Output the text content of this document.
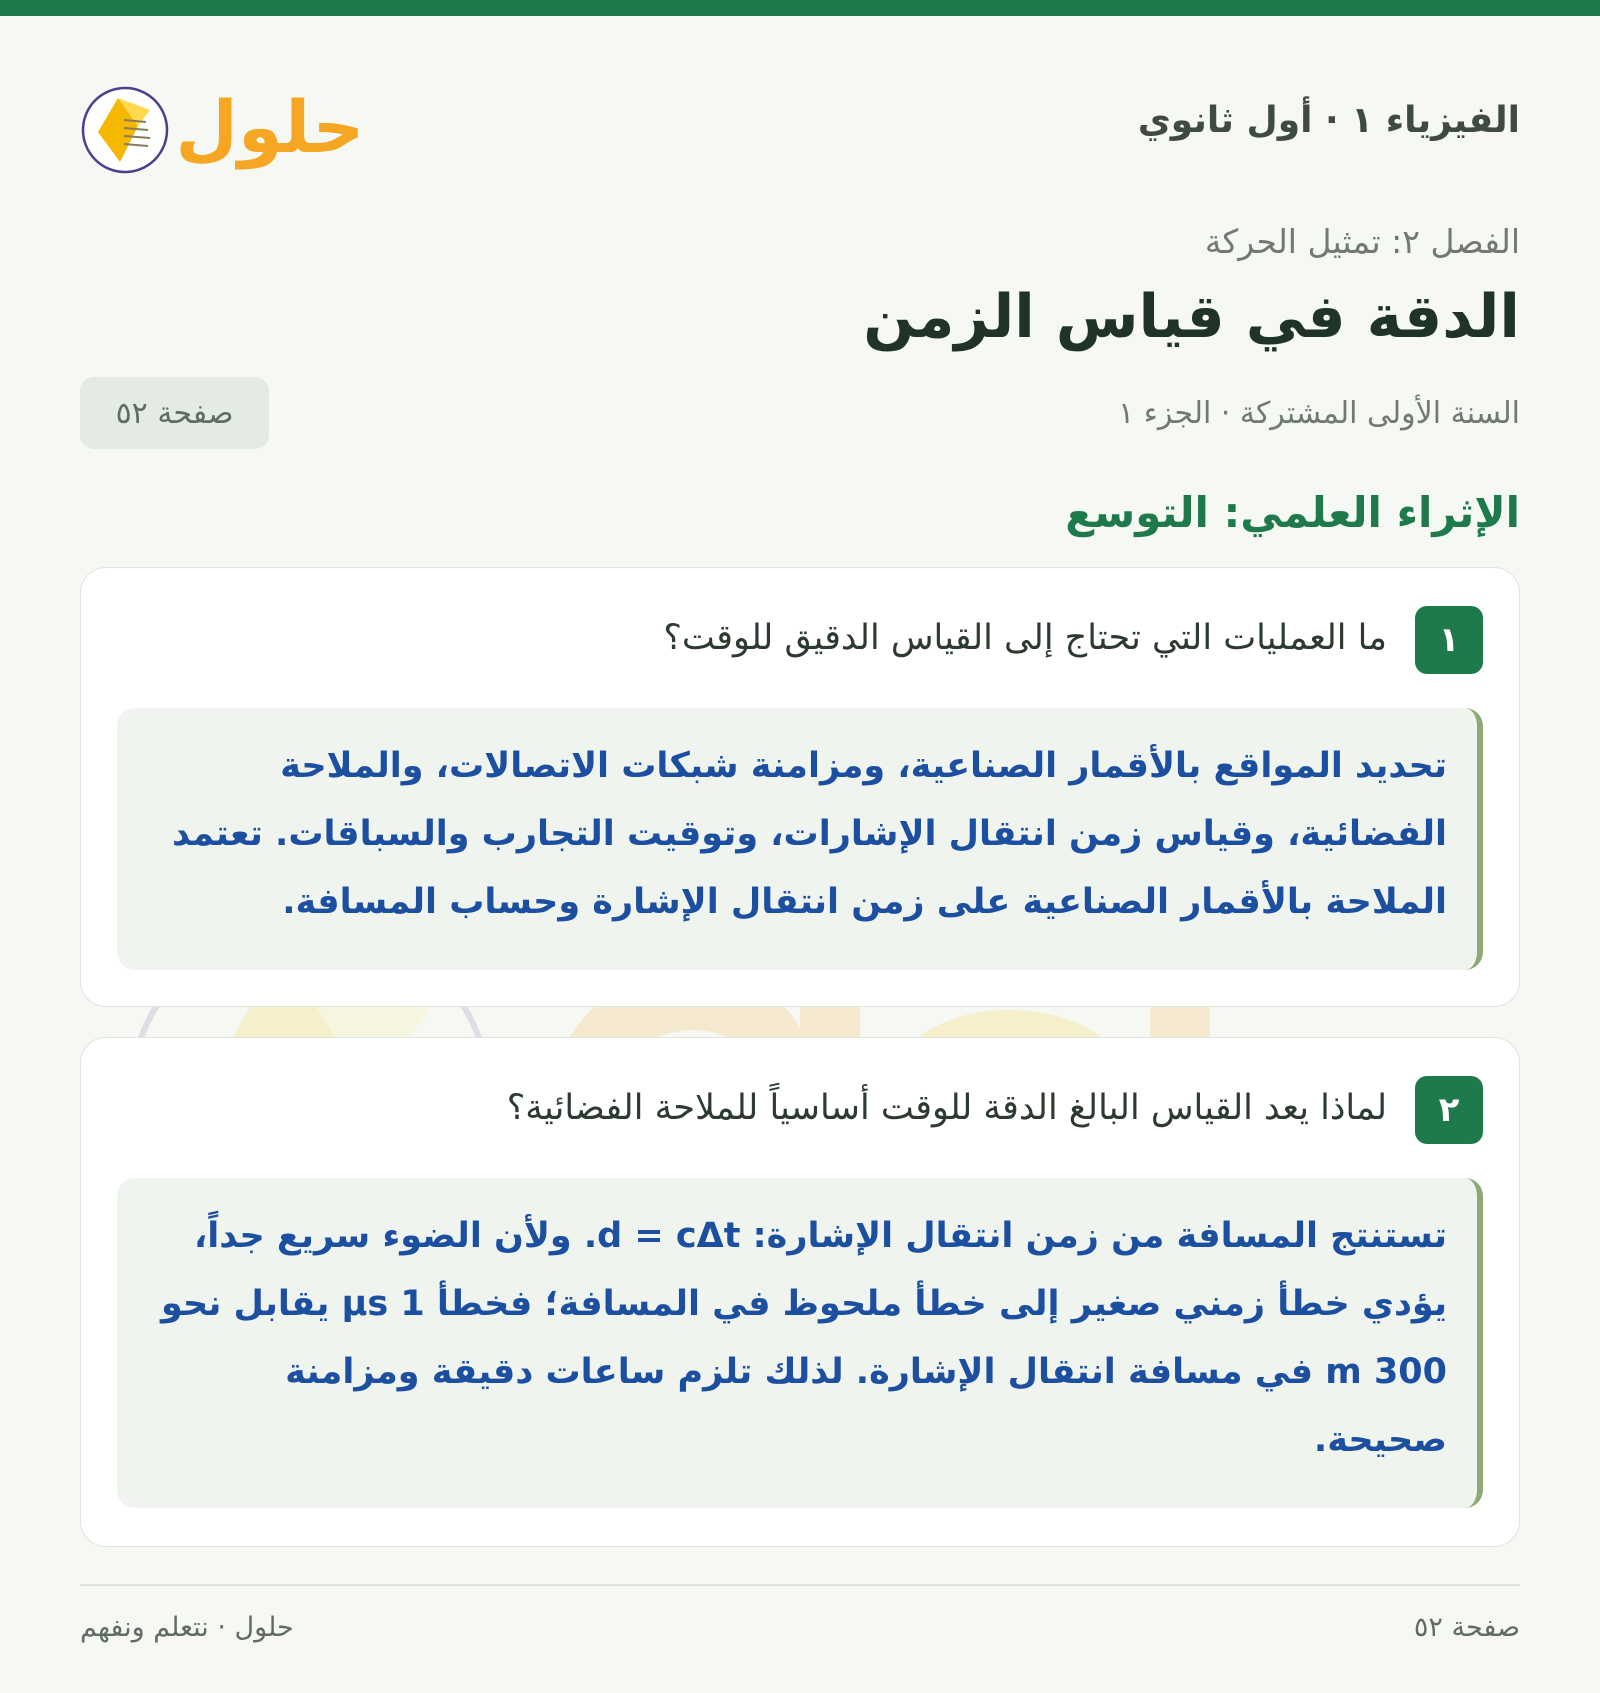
الفيزياء ١ · أول ثانوي
حلول
الفصل ٢: تمثيل الحركة
الدقة في قياس الزمن
السنة الأولى المشتركة · الجزء ١
صفحة ٥٢
الإثراء العلمي: التوسع
١
ما العمليات التي تحتاج إلى القياس الدقيق للوقت؟
تحديد المواقع بالأقمار الصناعية، ومزامنة شبكات الاتصالات، والملاحة الفضائية، وقياس زمن انتقال الإشارات، وتوقيت التجارب والسباقات. تعتمد الملاحة بالأقمار الصناعية على زمن انتقال الإشارة وحساب المسافة.
٢
لماذا يعد القياس البالغ الدقة للوقت أساسياً للملاحة الفضائية؟
تستنتج المسافة من زمن انتقال الإشارة: d = cΔt. ولأن الضوء سريع جداً، يؤدي خطأ زمني صغير إلى خطأ ملحوظ في المسافة؛ فخطأ 1 μs يقابل نحو 300 m في مسافة انتقال الإشارة. لذلك تلزم ساعات دقيقة ومزامنة صحيحة.
صفحة ٥٢
حلول · نتعلم ونفهم
